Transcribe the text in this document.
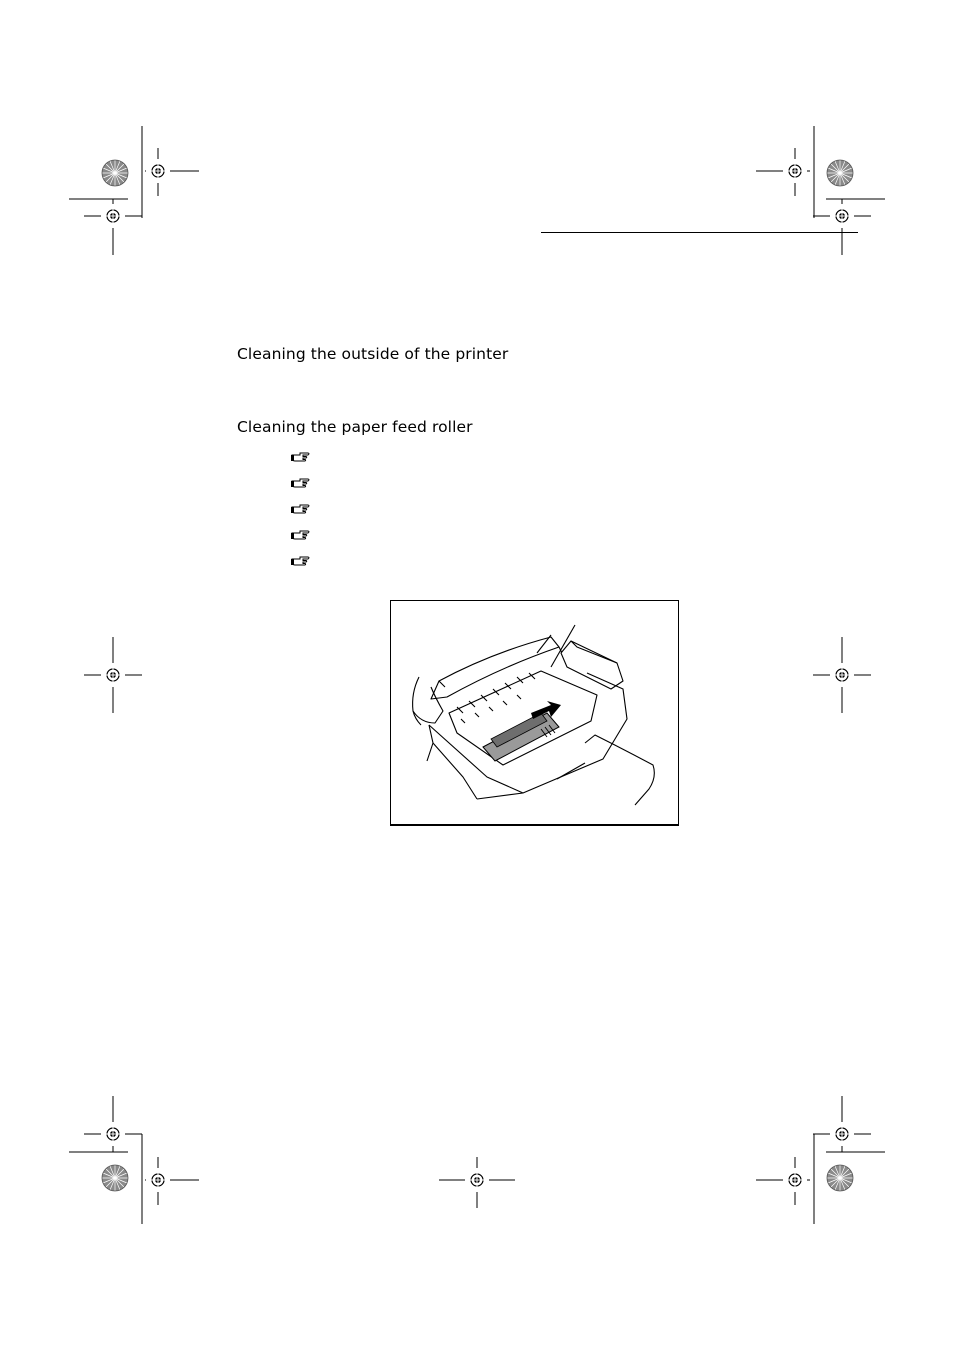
Cleaning the outside of the printer
Cleaning the paper feed roller
